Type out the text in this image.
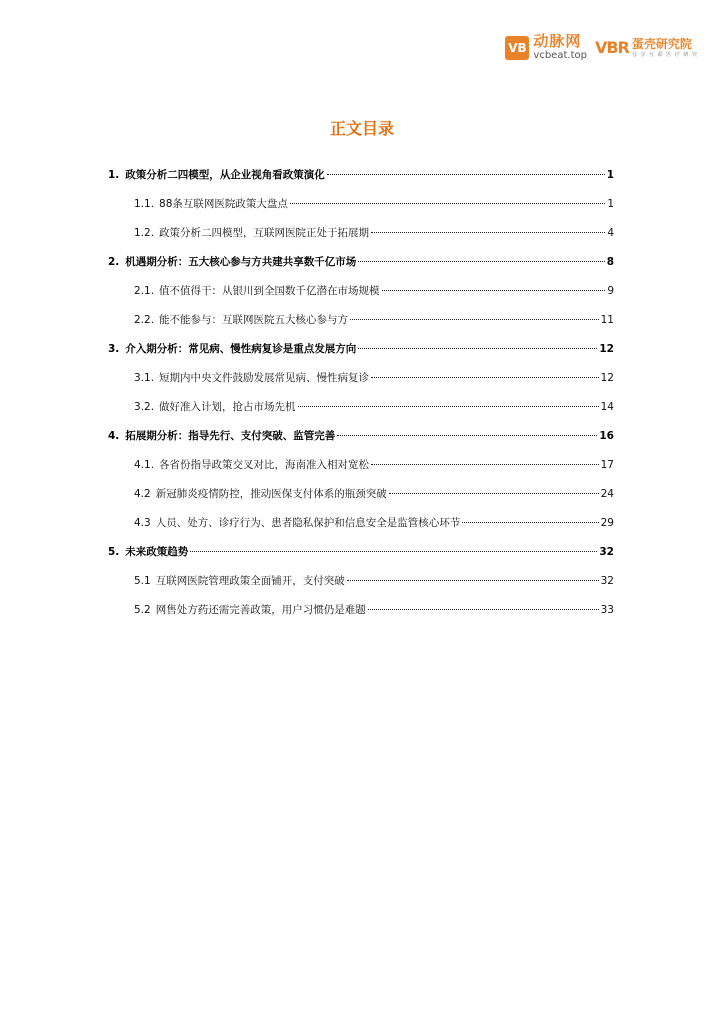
VB 动脉网
vcbeat.top VBR 蛋壳研究院
分 享 互 联 医 疗 研 究
正文目录
1. 政策分析二四模型，从企业视角看政策演化	1
1.1. 88条互联网医院政策大盘点	1
1.2. 政策分析二四模型，互联网医院正处于拓展期	4
2. 机遇期分析：五大核心参与方共建共享数千亿市场	8
2.1. 值不值得干：从银川到全国数千亿潜在市场规模	9
2.2. 能不能参与：互联网医院五大核心参与方	11
3. 介入期分析：常见病、慢性病复诊是重点发展方向	12
3.1. 短期内中央文件鼓励发展常见病、慢性病复诊	12
3.2. 做好准入计划，抢占市场先机	14
4. 拓展期分析：指导先行、支付突破、监管完善	16
4.1. 各省份指导政策交叉对比，海南准入相对宽松	17
4.2 新冠肺炎疫情防控，推动医保支付体系的瓶颈突破	24
4.3 人员、处方、诊疗行为、患者隐私保护和信息安全是监管核心环节	29
5. 未来政策趋势	32
5.1 互联网医院管理政策全面铺开，支付突破	32
5.2 网售处方药还需完善政策，用户习惯仍是难题	33
